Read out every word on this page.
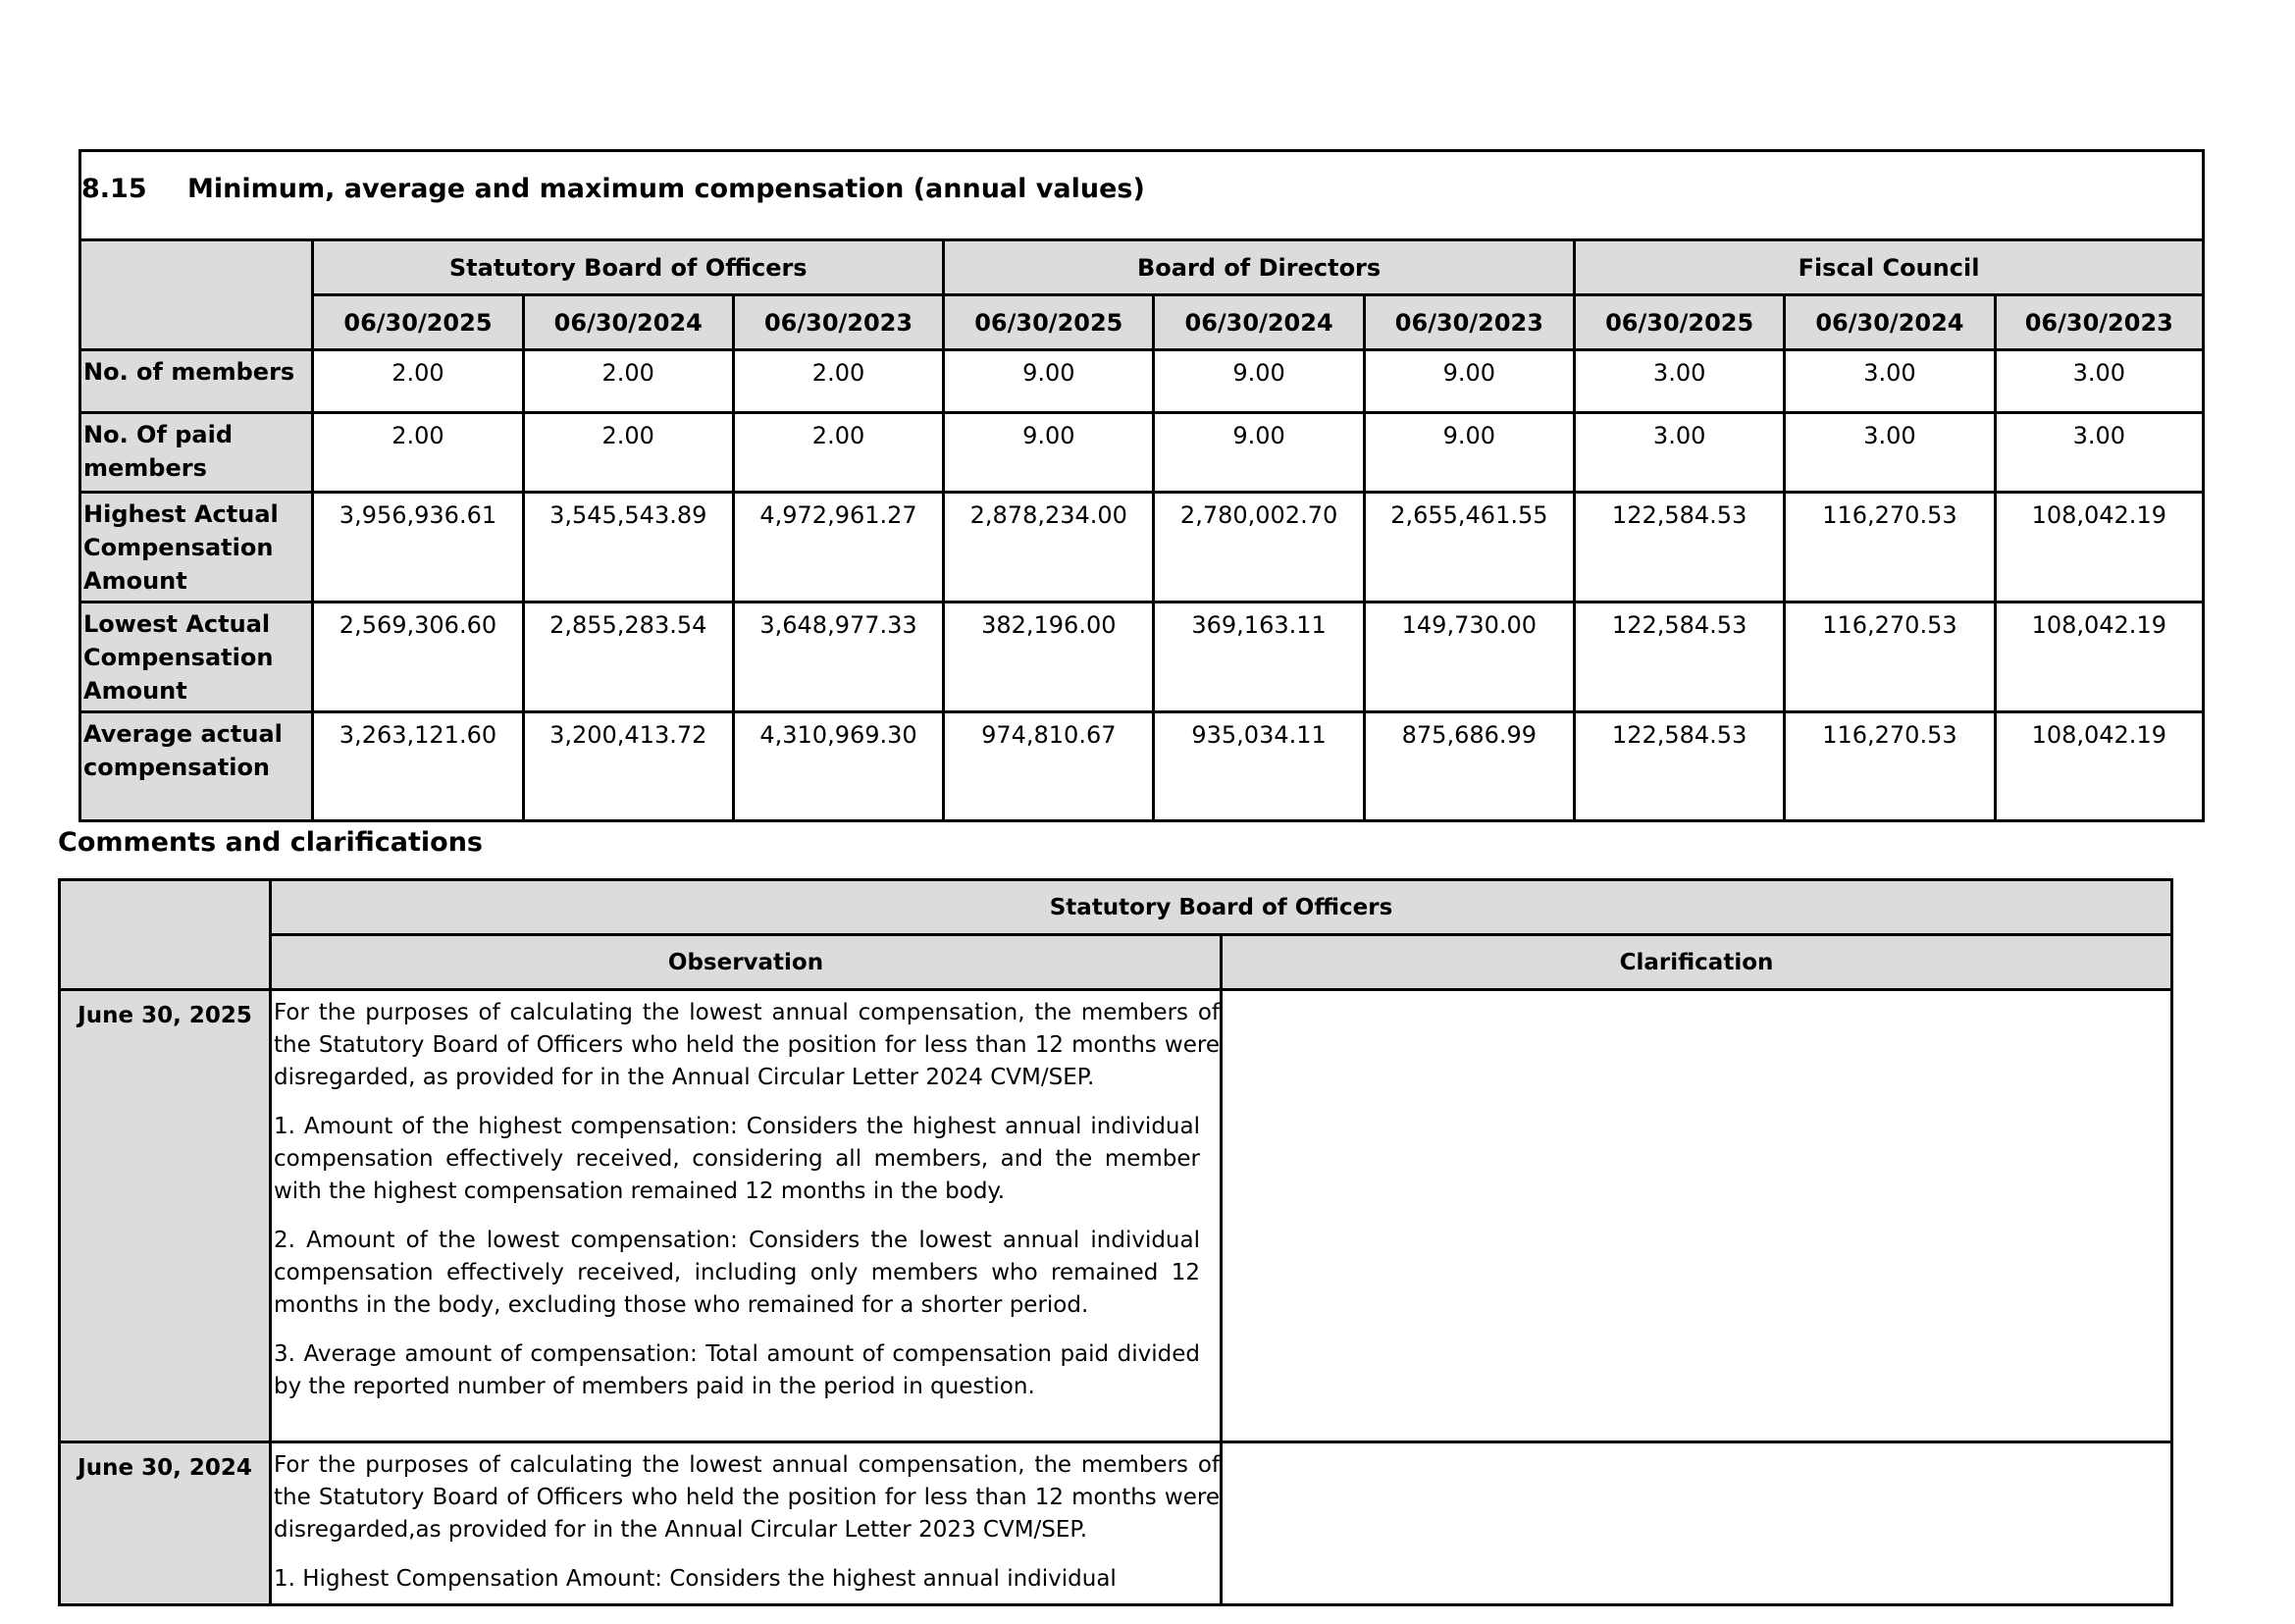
8.15 Minimum, average and maximum compensation (annual values)									
	Statutory Board of Officers			Board of Directors			Fiscal Council		
	06/30/2025	06/30/2024	06/30/2023	06/30/2025	06/30/2024	06/30/2023	06/30/2025	06/30/2024	06/30/2023
No. of members	2.00	2.00	2.00	9.00	9.00	9.00	3.00	3.00	3.00
No. Of paid members	2.00	2.00	2.00	9.00	9.00	9.00	3.00	3.00	3.00
Highest Actual Compensation Amount	3,956,936.61	3,545,543.89	4,972,961.27	2,878,234.00	2,780,002.70	2,655,461.55	122,584.53	116,270.53	108,042.19
Lowest Actual Compensation Amount	2,569,306.60	2,855,283.54	3,648,977.33	382,196.00	369,163.11	149,730.00	122,584.53	116,270.53	108,042.19
Average actual compensation	3,263,121.60	3,200,413.72	4,310,969.30	974,810.67	935,034.11	875,686.99	122,584.53	116,270.53	108,042.19
Comments and clarifications
	Statutory Board of Officers	
	Observation	Clarification
June 30, 2025	For the purposes of calculating the lowest annual compensation, the members of the Statutory Board of Officers who held the position for less than 12 months were disregarded, as provided for in the Annual Circular Letter 2024 CVM/SEP.

1. Amount of the highest compensation: Considers the highest annual individual compensation effectively received, considering all members, and the member with the highest compensation remained 12 months in the body.

2. Amount of the lowest compensation: Considers the lowest annual individual compensation effectively received, including only members who remained 12 months in the body, excluding those who remained for a shorter period.

3. Average amount of compensation: Total amount of compensation paid divided by the reported number of members paid in the period in question.	

June 30, 2024	For the purposes of calculating the lowest annual compensation, the members of the Statutory Board of Officers who held the position for less than 12 months were disregarded,as provided for in the Annual Circular Letter 2023 CVM/SEP.

1. Highest Compensation Amount: Considers the highest annual individual	
